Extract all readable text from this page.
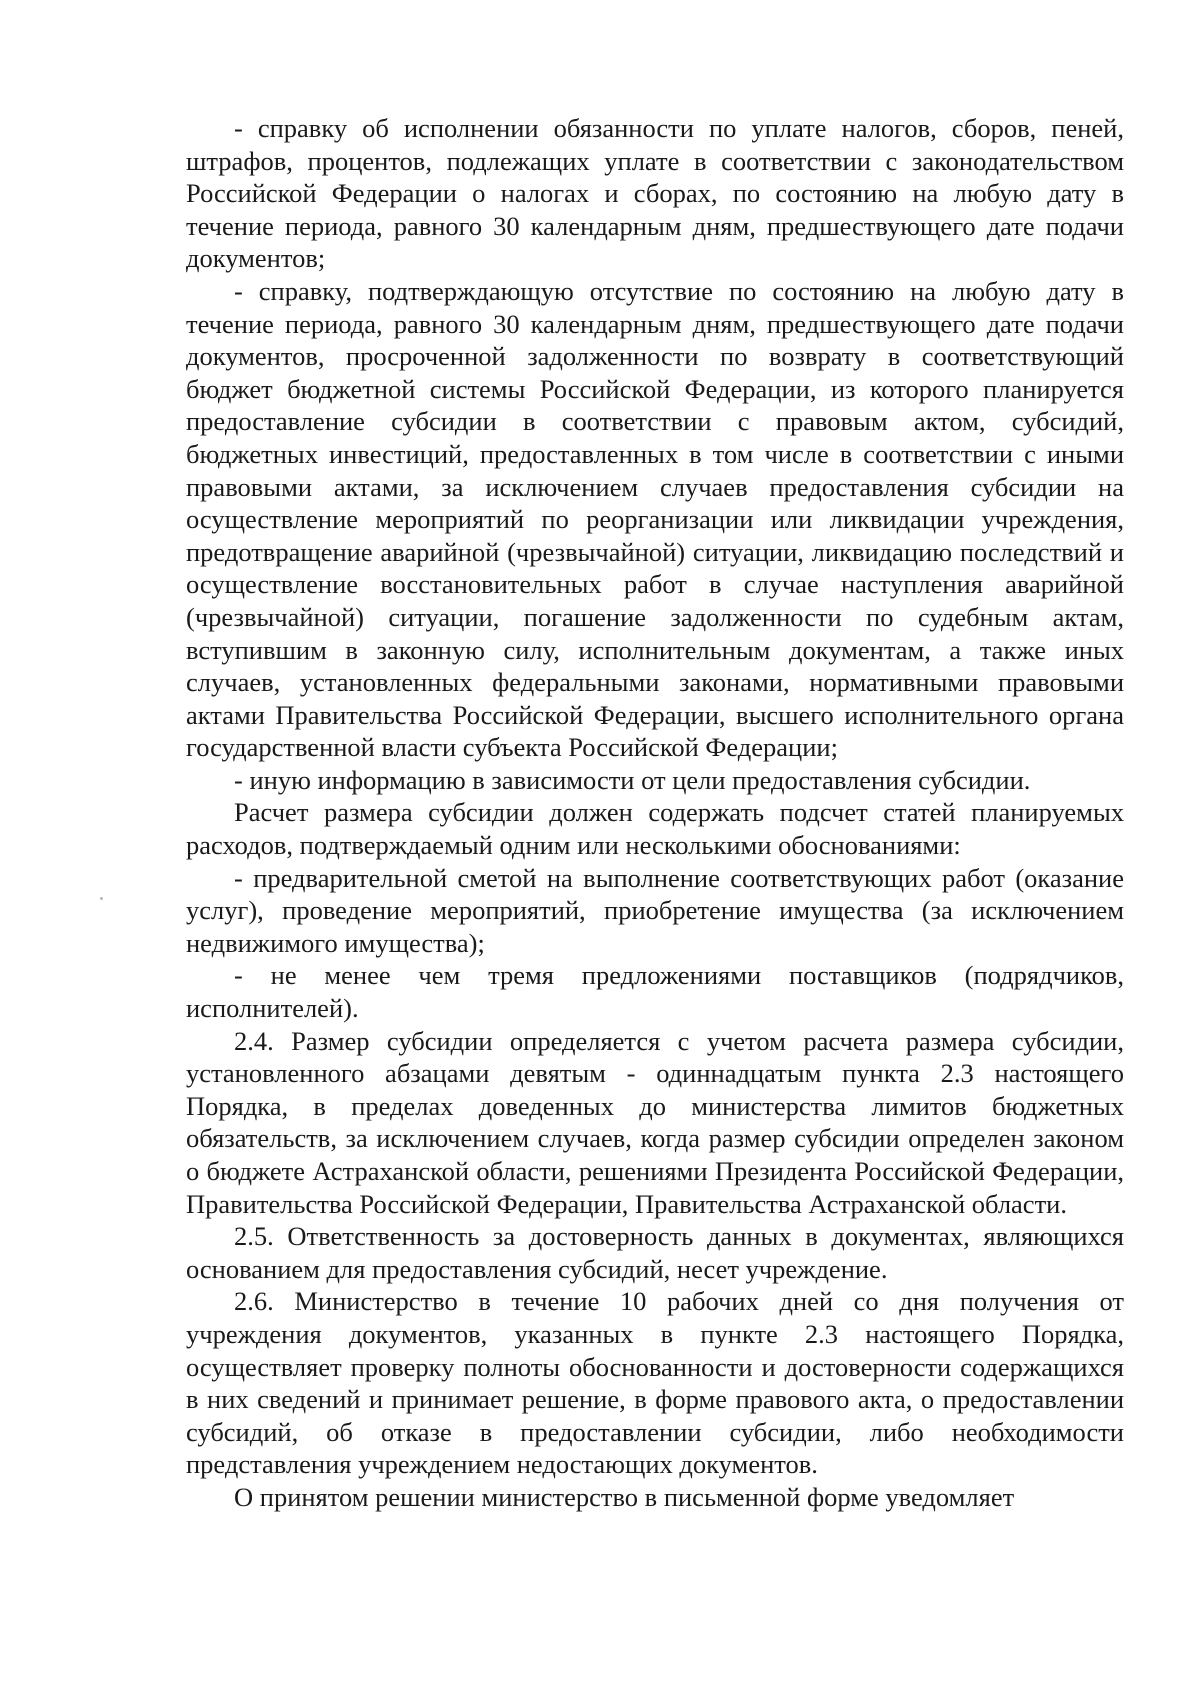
- справку об исполнении обязанности по уплате налогов, сборов, пеней, штрафов, процентов, подлежащих уплате в соответствии с законодательством Российской Федерации о налогах и сборах, по состоянию на любую дату в течение периода, равного 30 календарным дням, предшествующего дате подачи документов;

- справку, подтверждающую отсутствие по состоянию на любую дату в течение периода, равного 30 календарным дням, предшествующего дате подачи документов, просроченной задолженности по возврату в соответствующий бюджет бюджетной системы Российской Федерации, из которого планируется предоставление субсидии в соответствии с правовым актом, субсидий, бюджетных инвестиций, предоставленных в том числе в соответствии с иными правовыми актами, за исключением случаев предоставления субсидии на осуществление мероприятий по реорганизации или ликвидации учреждения, предотвращение аварийной (чрезвычайной) ситуации, ликвидацию последствий и осуществление восстановительных работ в случае наступления аварийной (чрезвычайной) ситуации, погашение задолженности по судебным актам, вступившим в законную силу, исполнительным документам, а также иных случаев, установленных федеральными законами, нормативными правовыми актами Правительства Российской Федерации, высшего исполнительного органа государственной власти субъекта Российской Федерации;

- иную информацию в зависимости от цели предоставления субсидии.

Расчет размера субсидии должен содержать подсчет статей планируемых расходов, подтверждаемый одним или несколькими обоснованиями:

- предварительной сметой на выполнение соответствующих работ (оказание услуг), проведение мероприятий, приобретение имущества (за исключением недвижимого имущества);

- не менее чем тремя предложениями поставщиков (подрядчиков, исполнителей).

2.4. Размер субсидии определяется с учетом расчета размера субсидии, установленного абзацами девятым - одиннадцатым пункта 2.3 настоящего Порядка, в пределах доведенных до министерства лимитов бюджетных обязательств, за исключением случаев, когда размер субсидии определен законом о бюджете Астраханской области, решениями Президента Российской Федерации, Правительства Российской Федерации, Правительства Астраханской области.

2.5. Ответственность за достоверность данных в документах, являющихся основанием для предоставления субсидий, несет учреждение.

2.6. Министерство в течение 10 рабочих дней со дня получения от учреждения документов, указанных в пункте 2.3 настоящего Порядка, осуществляет проверку полноты обоснованности и достоверности содержащихся в них сведений и принимает решение, в форме правового акта, о предоставлении субсидий, об отказе в предоставлении субсидии, либо необходимости представления учреждением недостающих документов.

О принятом решении министерство в письменной форме уведомляет
